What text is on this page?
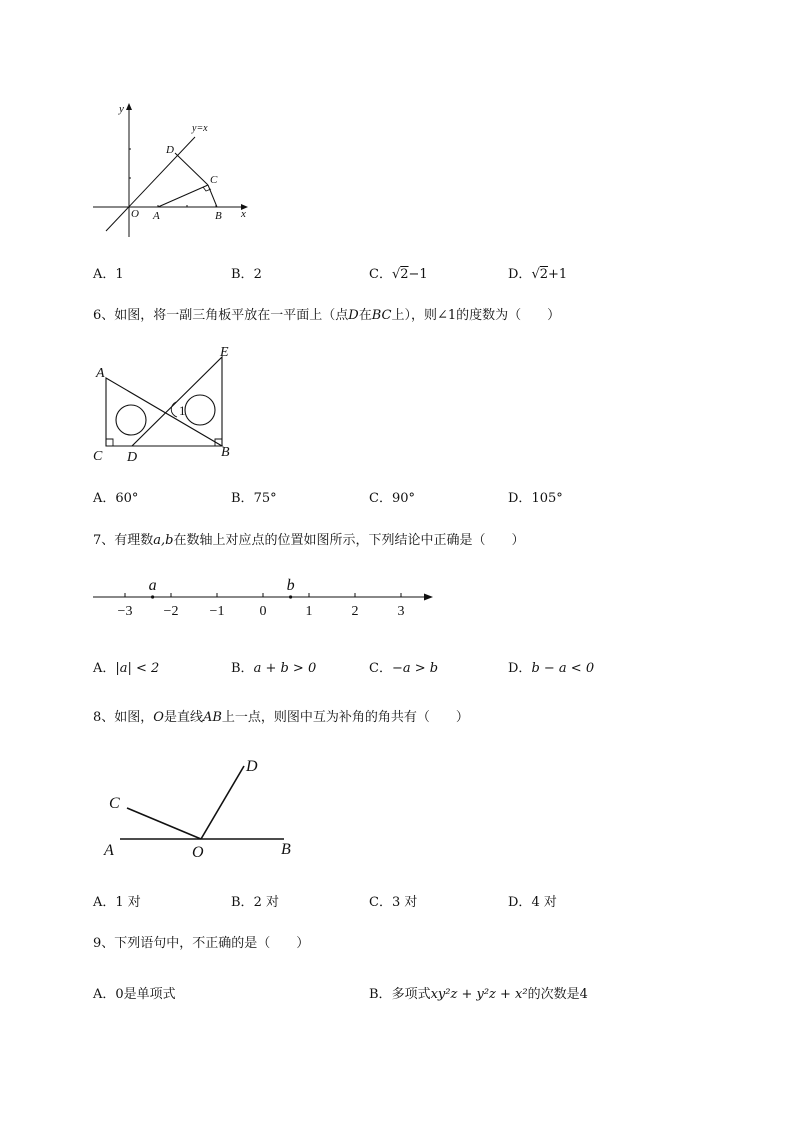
y
x
y=x
O A	B
C
D
A．1	B．2	C．√2−1	D．√2+1
6、如图，将一副三角板平放在一平面上（点D在BC上），则∠1的度数为（　　）
A
E
C D	B
1
A．60°	B．75°	C．90°	D．105°
7、有理数a,b在数轴上对应点的位置如图所示，下列结论中正确是（　　）
−3 −2 −1	0	1	2	3
a	b
A．|a| < 2	B．a + b > 0	C．−a > b	D．b − a < 0
8、如图，O是直线AB上一点，则图中互为补角的角共有（　　）
A	O	B
C
D
A．1 对	B．2 对	C．3 对	D．4 对
9、下列语句中，不正确的是（　　）
A．0是单项式	B．多项式xy²z + y²z + x²的次数是4
